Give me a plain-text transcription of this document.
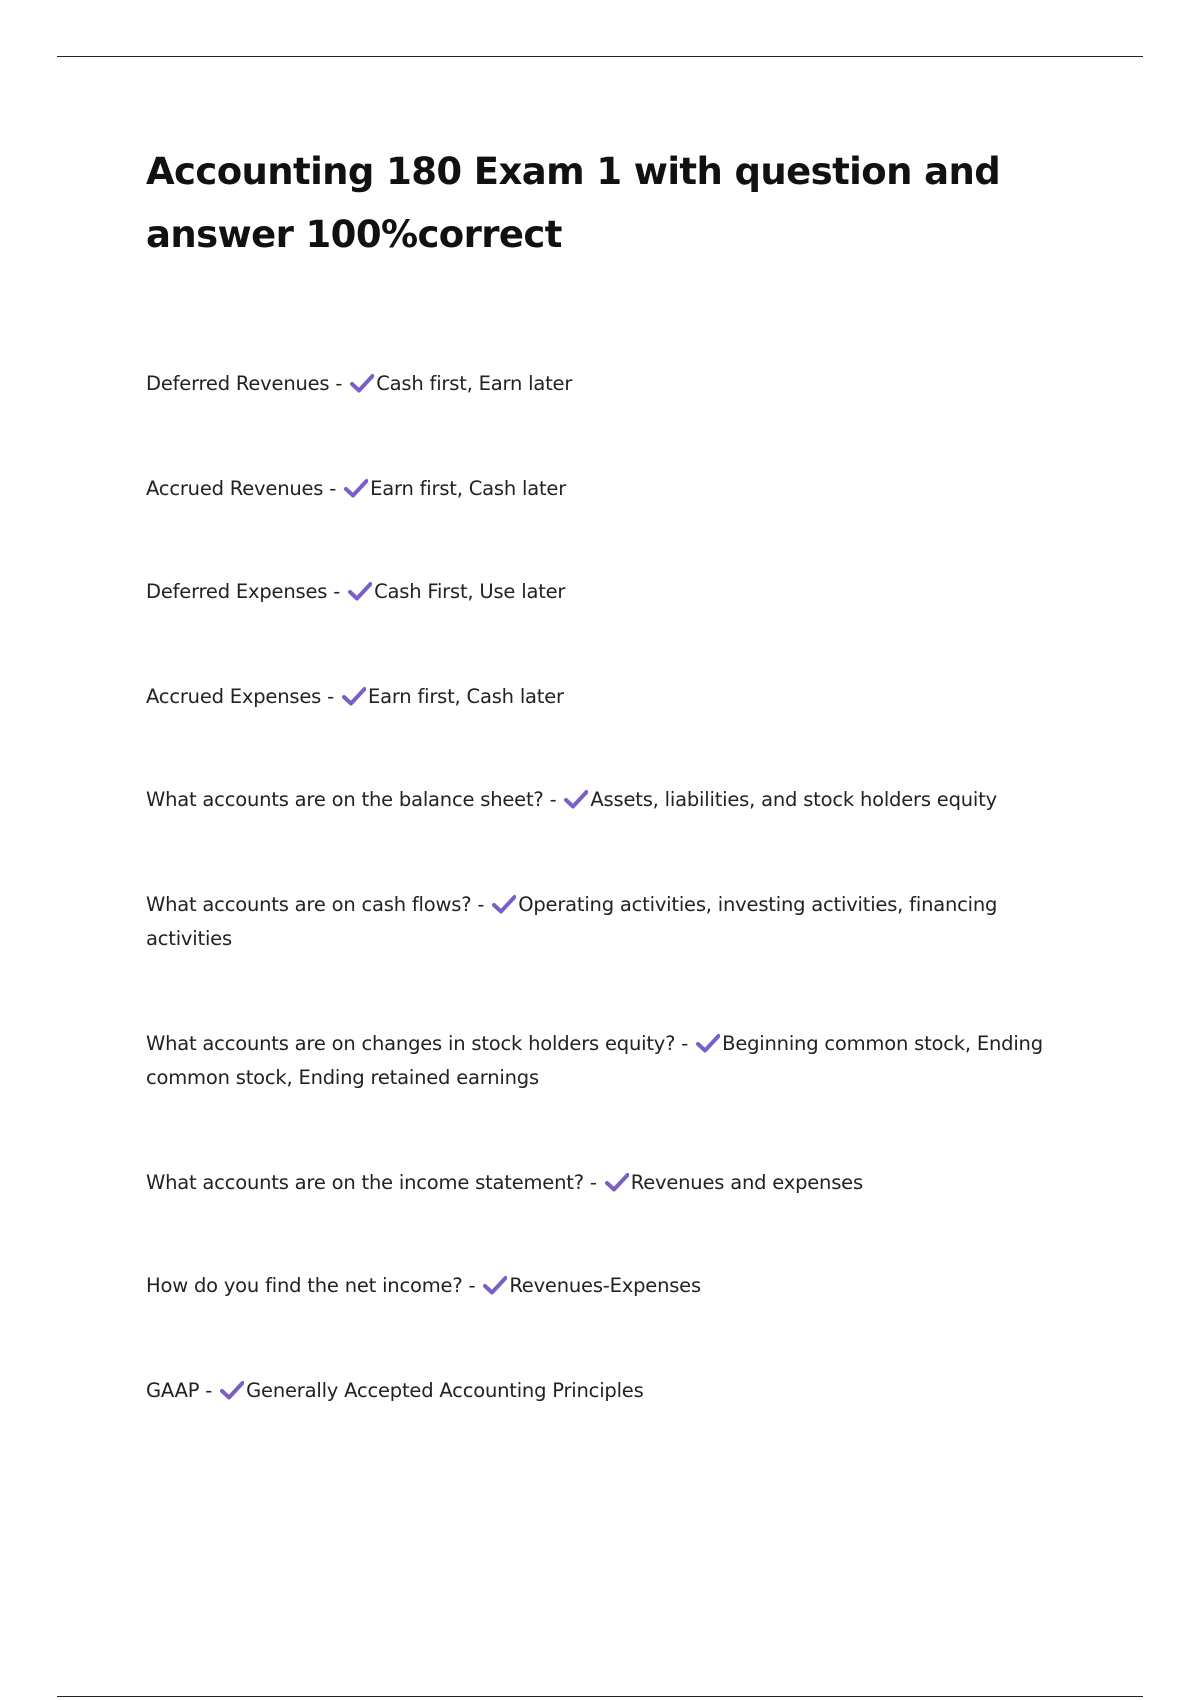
Accounting 180 Exam 1 with question and answer 100%correct
Deferred Revenues -
Cash first, Earn later
Accrued Revenues -
Earn first, Cash later
Deferred Expenses -
Cash First, Use later
Accrued Expenses -
Earn first, Cash later
What accounts are on the balance sheet? -
Assets, liabilities, and stock holders equity
What accounts are on cash flows? -
Operating activities, investing activities, financing activities
What accounts are on changes in stock holders equity? -
Beginning common stock, Ending common stock, Ending retained earnings
What accounts are on the income statement? -
Revenues and expenses
How do you find the net income? -
Revenues-Expenses
GAAP -
Generally Accepted Accounting Principles
